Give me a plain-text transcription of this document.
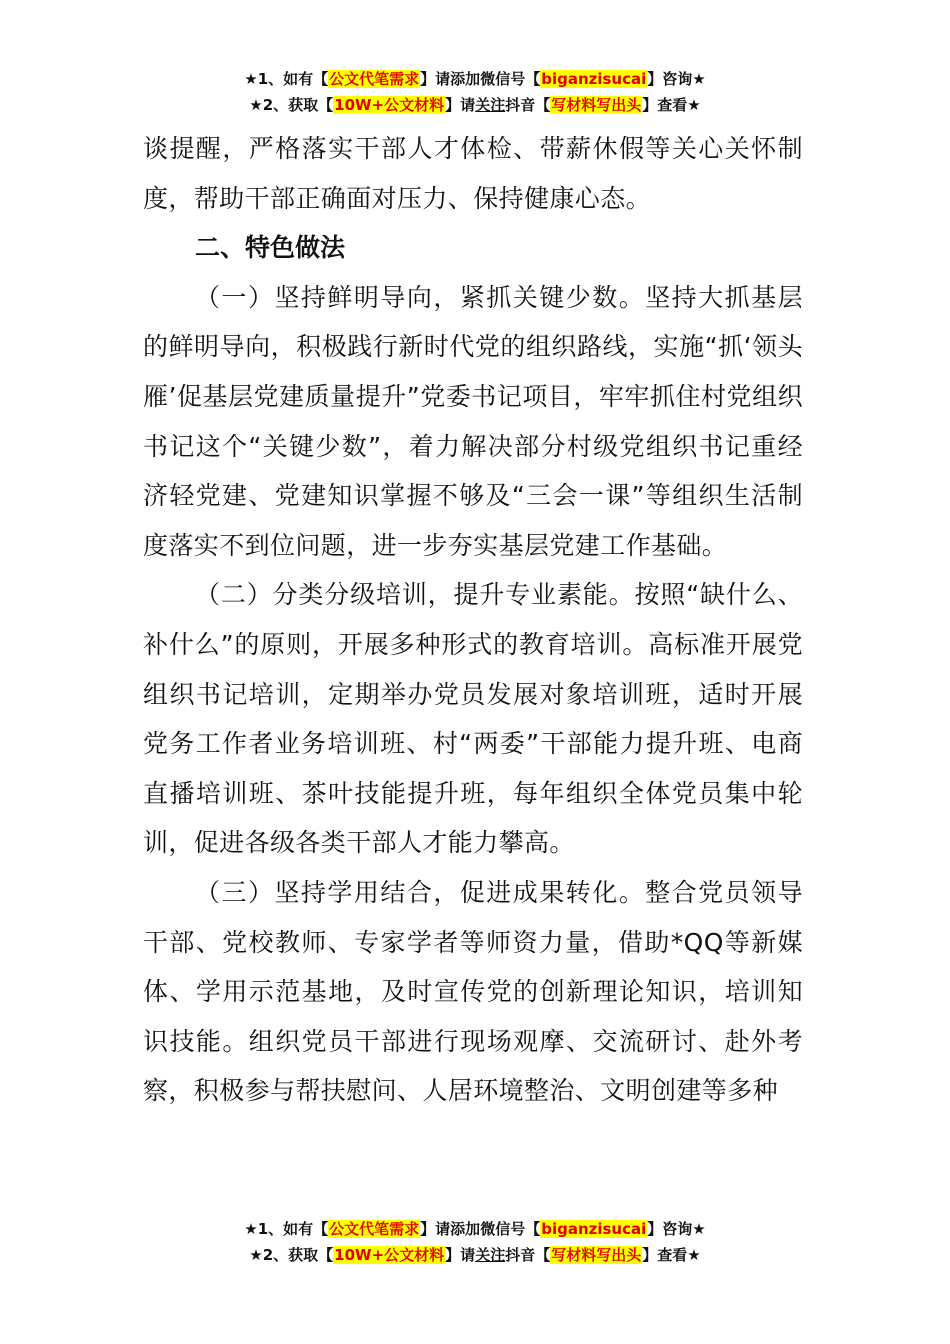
★1、如有【公文代笔需求】请添加微信号【biganzisucai】咨询★
★2、获取【10W+公文材料】请关注抖音【写材料写出头】查看★

谈提醒，严格落实干部人才体检、带薪休假等关心关怀制度，帮助干部正确面对压力、保持健康心态。

二、特色做法

（一）坚持鲜明导向，紧抓关键少数。坚持大抓基层的鲜明导向，积极践行新时代党的组织路线，实施“抓‘领头雁’促基层党建质量提升”党委书记项目，牢牢抓住村党组织书记这个“关键少数”，着力解决部分村级党组织书记重经济轻党建、党建知识掌握不够及“三会一课”等组织生活制度落实不到位问题，进一步夯实基层党建工作基础。

（二）分类分级培训，提升专业素能。按照“缺什么、补什么”的原则，开展多种形式的教育培训。高标准开展党组织书记培训，定期举办党员发展对象培训班，适时开展党务工作者业务培训班、村“两委”干部能力提升班、电商直播培训班、茶叶技能提升班，每年组织全体党员集中轮训，促进各级各类干部人才能力攀高。

（三）坚持学用结合，促进成果转化。整合党员领导干部、党校教师、专家学者等师资力量，借助*QQ等新媒体、学用示范基地，及时宣传党的创新理论知识，培训知识技能。组织党员干部进行现场观摩、交流研讨、赴外考察，积极参与帮扶慰问、人居环境整治、文明创建等多种

★1、如有【公文代笔需求】请添加微信号【biganzisucai】咨询★
★2、获取【10W+公文材料】请关注抖音【写材料写出头】查看★
